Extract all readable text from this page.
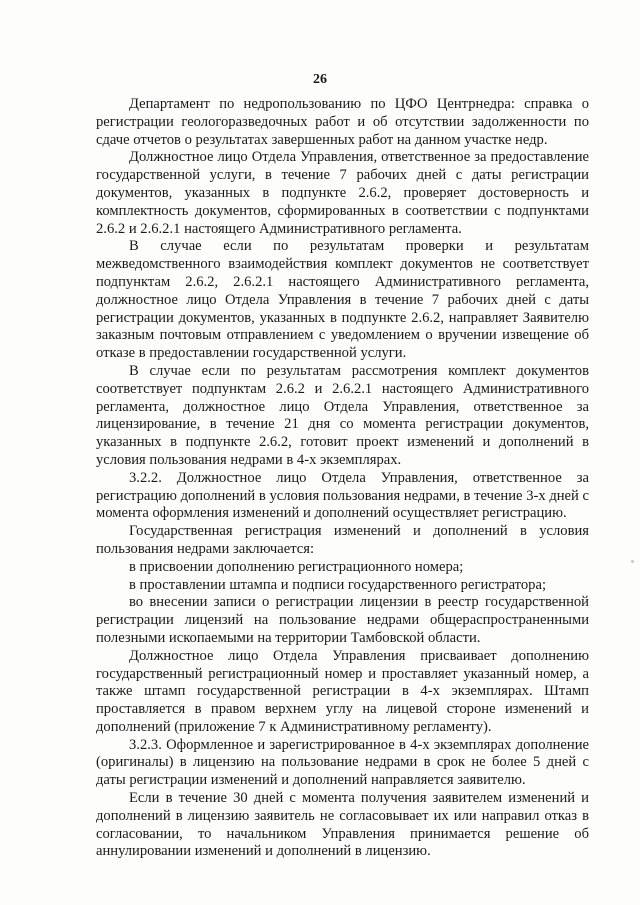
26

Департамент по недропользованию по ЦФО Центрнедра: справка о регистрации геологоразведочных работ и об отсутствии задолженности по сдаче отчетов о результатах завершенных работ на данном участке недр.

Должностное лицо Отдела Управления, ответственное за предоставление государственной услуги, в течение 7 рабочих дней с даты регистрации документов, указанных в подпункте 2.6.2, проверяет достоверность и комплектность документов, сформированных в соответствии с подпунктами 2.6.2 и 2.6.2.1 настоящего Административного регламента.

В случае если по результатам проверки и результатам межведомственного взаимодействия комплект документов не соответствует подпунктам 2.6.2, 2.6.2.1 настоящего Административного регламента, должностное лицо Отдела Управления в течение 7 рабочих дней с даты регистрации документов, указанных в подпункте 2.6.2, направляет Заявителю заказным почтовым отправлением с уведомлением о вручении извещение об отказе в предоставлении государственной услуги.

В случае если по результатам рассмотрения комплект документов соответствует подпунктам 2.6.2 и 2.6.2.1 настоящего Административного регламента, должностное лицо Отдела Управления, ответственное за лицензирование, в течение 21 дня со момента регистрации документов, указанных в подпункте 2.6.2, готовит проект изменений и дополнений в условия пользования недрами в 4-х экземплярах.

3.2.2. Должностное лицо Отдела Управления, ответственное за регистрацию дополнений в условия пользования недрами, в течение 3-х дней с момента оформления изменений и дополнений осуществляет регистрацию.

Государственная регистрация изменений и дополнений в условия пользования недрами заключается:

в присвоении дополнению регистрационного номера;

в проставлении штампа и подписи государственного регистратора;

во внесении записи о регистрации лицензии в реестр государственной регистрации лицензий на пользование недрами общераспространенными полезными ископаемыми на территории Тамбовской области.

Должностное лицо Отдела Управления присваивает дополнению государственный регистрационный номер и проставляет указанный номер, а также штамп государственной регистрации в 4-х экземплярах. Штамп проставляется в правом верхнем углу на лицевой стороне изменений и дополнений (приложение 7 к Административному регламенту).

3.2.3. Оформленное и зарегистрированное в 4-х экземплярах дополнение (оригиналы) в лицензию на пользование недрами в срок не более 5 дней с даты регистрации изменений и дополнений направляется заявителю.

Если в течение 30 дней с момента получения заявителем изменений и дополнений в лицензию заявитель не согласовывает их или направил отказ в согласовании, то начальником Управления принимается решение об аннулировании изменений и дополнений в лицензию.
